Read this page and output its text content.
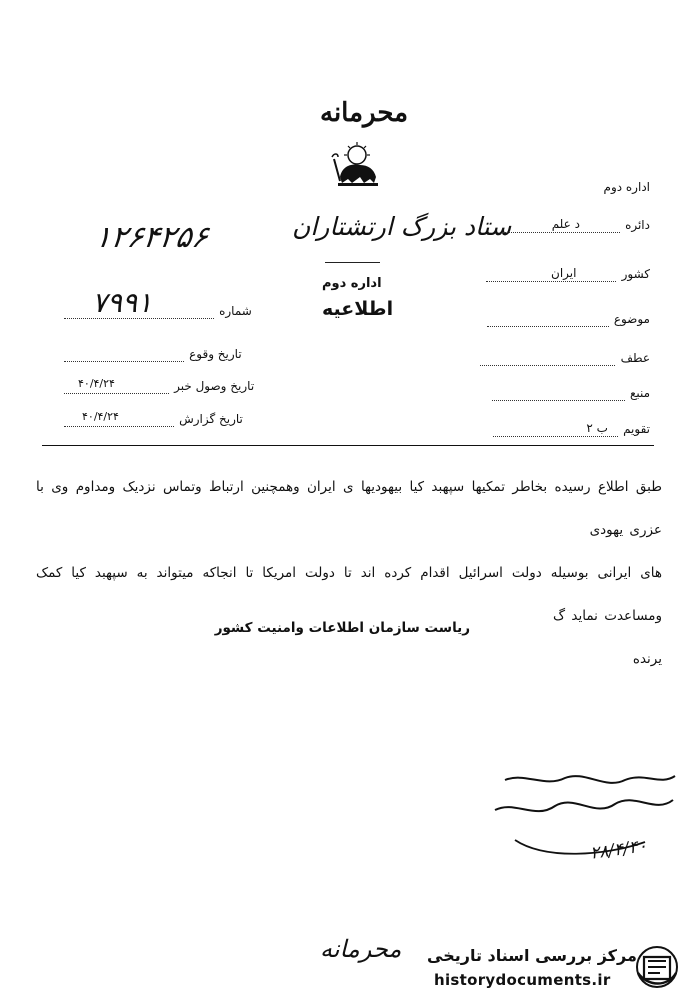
محرمانه
ستاد بزرگ ارتشتاران
اداره دوم
اطلاعیه
۱۲۶۴۲۵۶
اداره دوم
دائره
د علم
کشور
ایران
موضوع
عطف
منبع
تقویم
ب ۲
شماره
۷۹۹۱
تاریخ وقوع
تاریخ وصول خبر
۴۰/۴/۲۴
تاریخ گزارش
۴۰/۴/۲۴
طبق اطلاع رسیده بخاطر تمکیها سپهبد کیا بیهودیها ی ایران وهمچنین ارتباط وتماس نزدیک ومداوم وی با عزری یهودی
های ایرانی بوسیله دولت اسرائیل اقدام کرده اند تا دولت امریکا تا انجاکه میتواند به سپهبد کیا کمک ومساعدت نماید گ
یرنده
ریاست سازمان اطلاعات وامنیت کشور
۲۸/۴/۴۰
محرمانه مرکز بررسی اسناد تاریخی
historydocuments.ir
